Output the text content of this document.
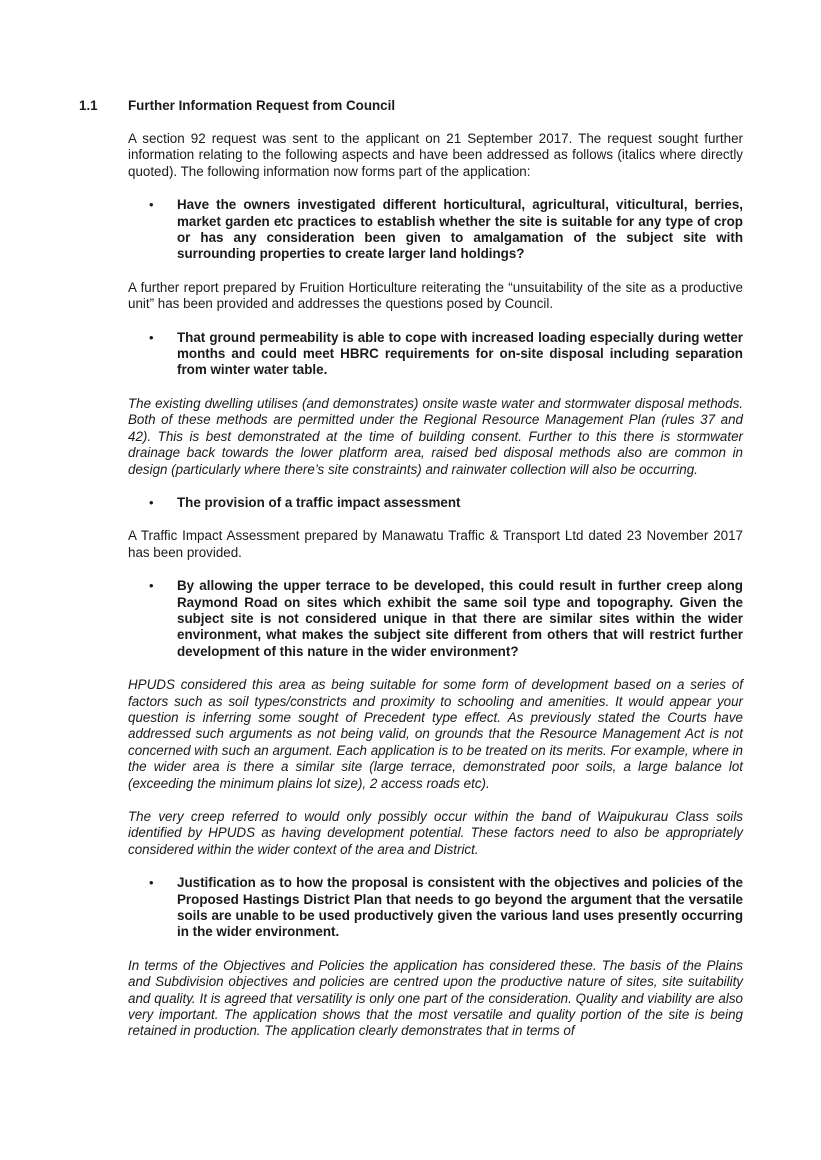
1.1	Further Information Request from Council

A section 92 request was sent to the applicant on 21 September 2017. The request sought further information relating to the following aspects and have been addressed as follows (italics where directly quoted). The following information now forms part of the application:

•	Have the owners investigated different horticultural, agricultural, viticultural, berries, market garden etc practices to establish whether the site is suitable for any type of crop or has any consideration been given to amalgamation of the subject site with surrounding properties to create larger land holdings?

A further report prepared by Fruition Horticulture reiterating the “unsuitability of the site as a productive unit” has been provided and addresses the questions posed by Council.

•	That ground permeability is able to cope with increased loading especially during wetter months and could meet HBRC requirements for on-site disposal including separation from winter water table.

The existing dwelling utilises (and demonstrates) onsite waste water and stormwater disposal methods. Both of these methods are permitted under the Regional Resource Management Plan (rules 37 and 42). This is best demonstrated at the time of building consent. Further to this there is stormwater drainage back towards the lower platform area, raised bed disposal methods also are common in design (particularly where there’s site constraints) and rainwater collection will also be occurring.

•	The provision of a traffic impact assessment

A Traffic Impact Assessment prepared by Manawatu Traffic & Transport Ltd dated 23 November 2017 has been provided.

•	By allowing the upper terrace to be developed, this could result in further creep along Raymond Road on sites which exhibit the same soil type and topography. Given the subject site is not considered unique in that there are similar sites within the wider environment, what makes the subject site different from others that will restrict further development of this nature in the wider environment?

HPUDS considered this area as being suitable for some form of development based on a series of factors such as soil types/constricts and proximity to schooling and amenities. It would appear your question is inferring some sought of Precedent type effect. As previously stated the Courts have addressed such arguments as not being valid, on grounds that the Resource Management Act is not concerned with such an argument. Each application is to be treated on its merits. For example, where in the wider area is there a similar site (large terrace, demonstrated poor soils, a large balance lot (exceeding the minimum plains lot size), 2 access roads etc).

The very creep referred to would only possibly occur within the band of Waipukurau Class soils identified by HPUDS as having development potential. These factors need to also be appropriately considered within the wider context of the area and District.

•	Justification as to how the proposal is consistent with the objectives and policies of the Proposed Hastings District Plan that needs to go beyond the argument that the versatile soils are unable to be used productively given the various land uses presently occurring in the wider environment.

In terms of the Objectives and Policies the application has considered these. The basis of the Plains and Subdivision objectives and policies are centred upon the productive nature of sites, site suitability and quality. It is agreed that versatility is only one part of the consideration. Quality and viability are also very important. The application shows that the most versatile and quality portion of the site is being retained in production. The application clearly demonstrates that in terms of
